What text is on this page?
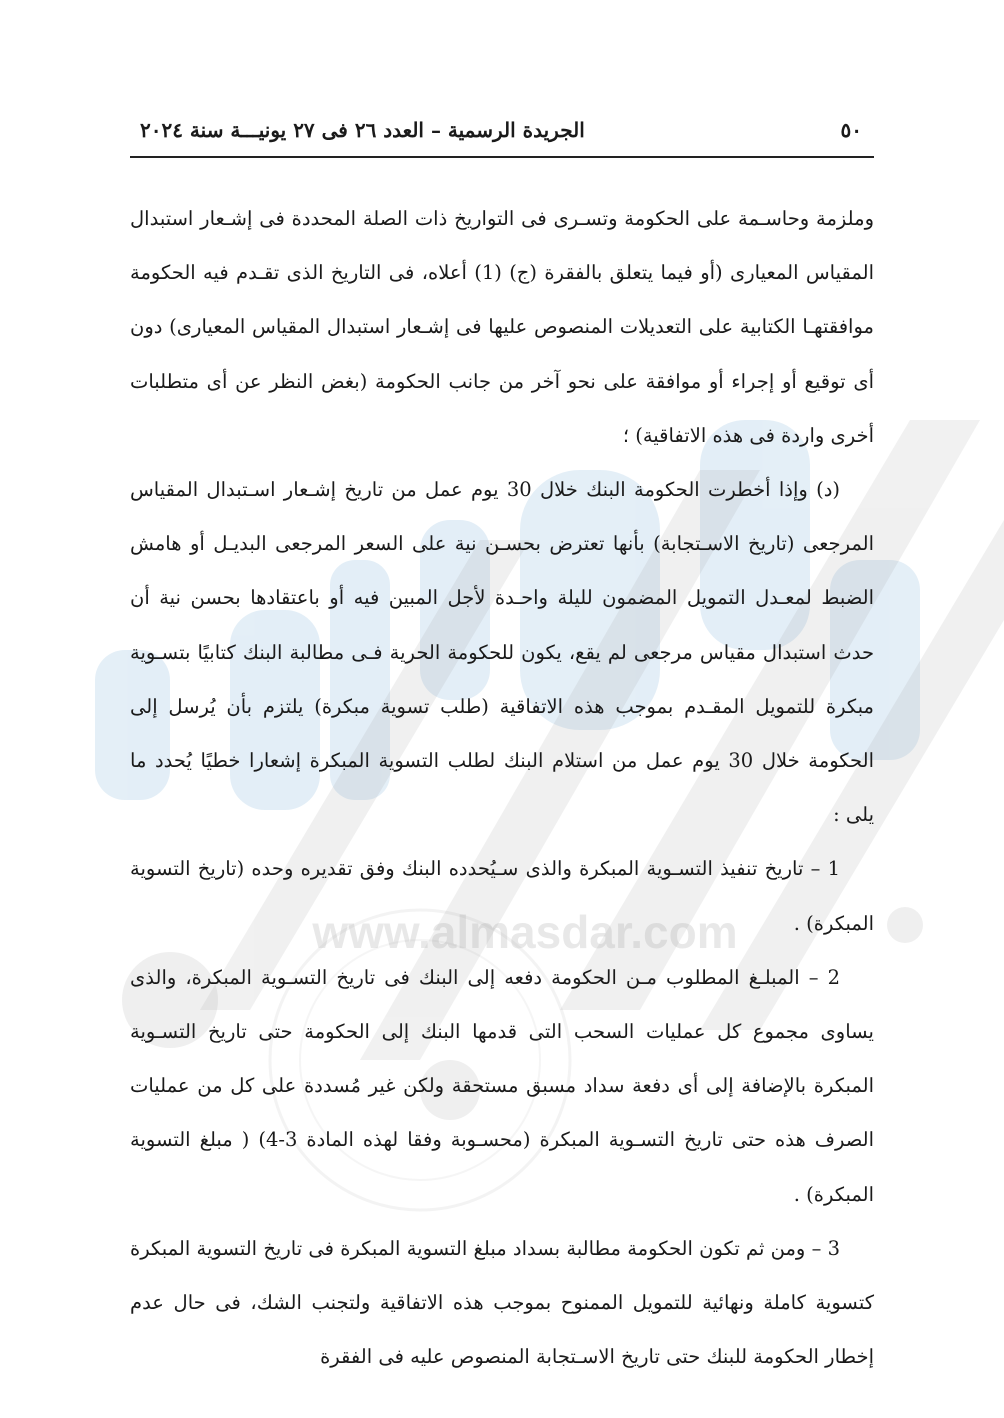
www.almasdar.com
٥٠
الجريدة الرسمية – العدد ٢٦ فى ٢٧ يونيـــة سنة ٢٠٢٤

وملزمة وحاسـمة على الحكومة وتسـرى فى التواريخ ذات الصلة المحددة فى إشـعار استبدال المقياس المعيارى (أو فيما يتعلق بالفقرة (ج) (1) أعلاه، فى التاريخ الذى تقـدم فيه الحكومة موافقتهـا الكتابية على التعديلات المنصوص عليها فى إشـعار استبدال المقياس المعيارى) دون أى توقيع أو إجراء أو موافقة على نحو آخر من جانب الحكومة (بغض النظر عن أى متطلبات أخرى واردة فى هذه الاتفاقية) ؛

(د) وإذا أخطرت الحكومة البنك خلال 30 يوم عمل من تاريخ إشـعار اسـتبدال المقياس المرجعى (تاريخ الاسـتجابة) بأنها تعترض بحسـن نية على السعر المرجعى البديـل أو هامش الضبط لمعـدل التمويل المضمون لليلة واحـدة لأجل المبين فيه أو باعتقادها بحسن نية أن حدث استبدال مقياس مرجعى لم يقع، يكون للحكومة الحرية فـى مطالبة البنك كتابيًا بتسـوية مبكرة للتمويل المقـدم بموجب هذه الاتفاقية (طلب تسوية مبكرة) يلتزم بأن يُرسل إلى الحكومة خلال 30 يوم عمل من استلام البنك لطلب التسوية المبكرة إشعارا خطيًا يُحدد ما يلى :

1 – تاريخ تنفيذ التسـوية المبكرة والذى سـيُحدده البنك وفق تقديره وحده (تاريخ التسوية المبكرة) .

2 – المبلـغ المطلوب مـن الحكومة دفعه إلى البنك فى تاريخ التسـوية المبكرة، والذى يساوى مجموع كل عمليات السحب التى قدمها البنك إلى الحكومة حتى تاريخ التسـوية المبكرة بالإضافة إلى أى دفعة سداد مسبق مستحقة ولكن غير مُسددة على كل من عمليات الصرف هذه حتى تاريخ التسـوية المبكرة (محسـوبة وفقا لهذه المادة 3-4) ( مبلغ التسوية المبكرة) .

3 – ومن ثم تكون الحكومة مطالبة بسداد مبلغ التسوية المبكرة فى تاريخ التسوية المبكرة كتسوية كاملة ونهائية للتمويل الممنوح بموجب هذه الاتفاقية ولتجنب الشك، فى حال عدم إخطار الحكومة للبنك حتى تاريخ الاسـتجابة المنصوص عليه فى الفقرة
